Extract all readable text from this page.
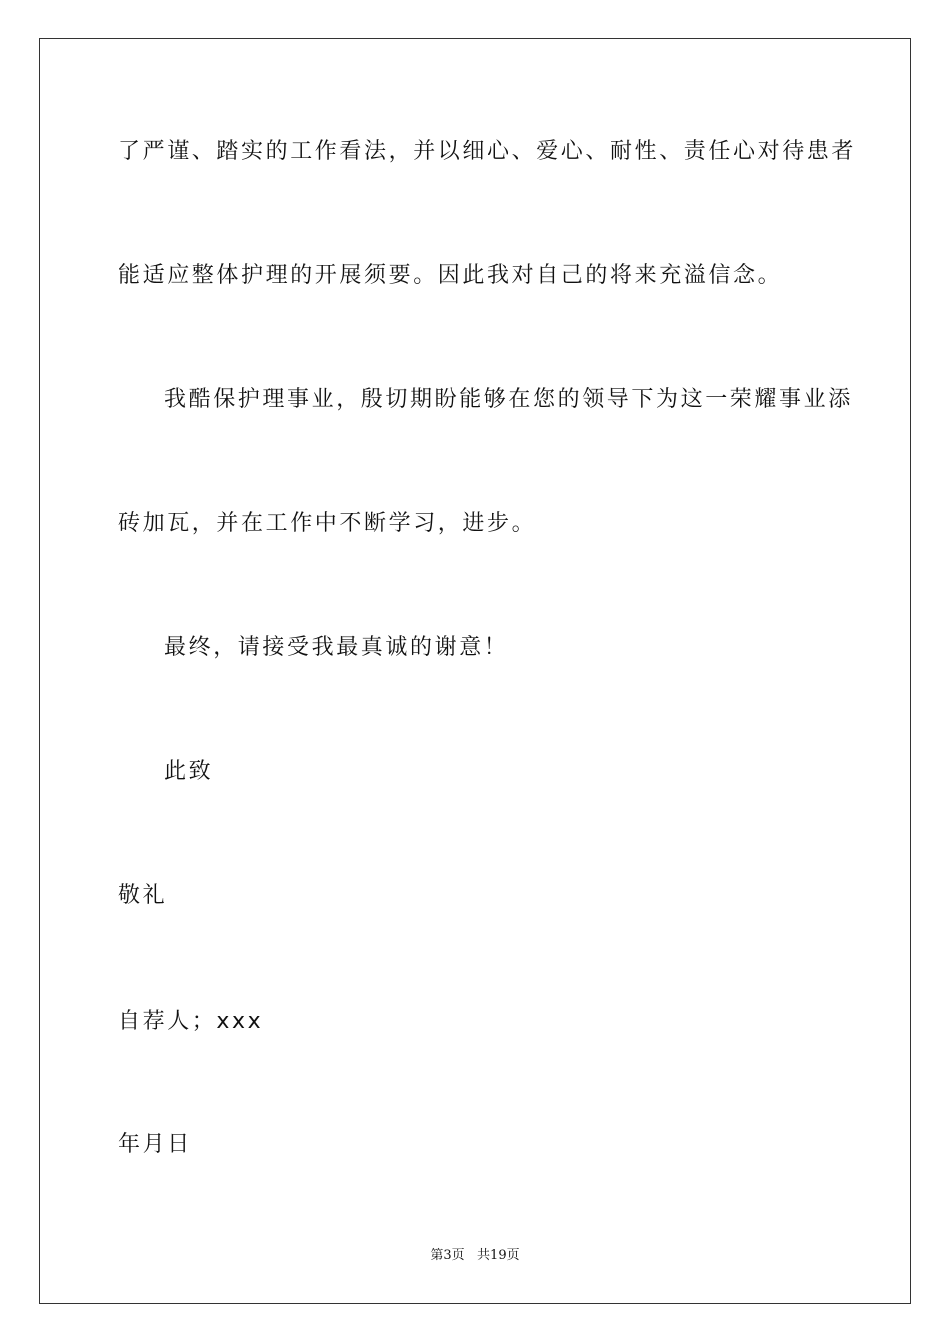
了严谨、踏实的工作看法，并以细心、爱心、耐性、责任心对待患者
能适应整体护理的开展须要。因此我对自己的将来充溢信念。
我酷保护理事业，殷切期盼能够在您的领导下为这一荣耀事业添
砖加瓦，并在工作中不断学习，进步。
最终，请接受我最真诚的谢意！
此致
敬礼
自荐人；xxx
年月日
第3页   共19页
